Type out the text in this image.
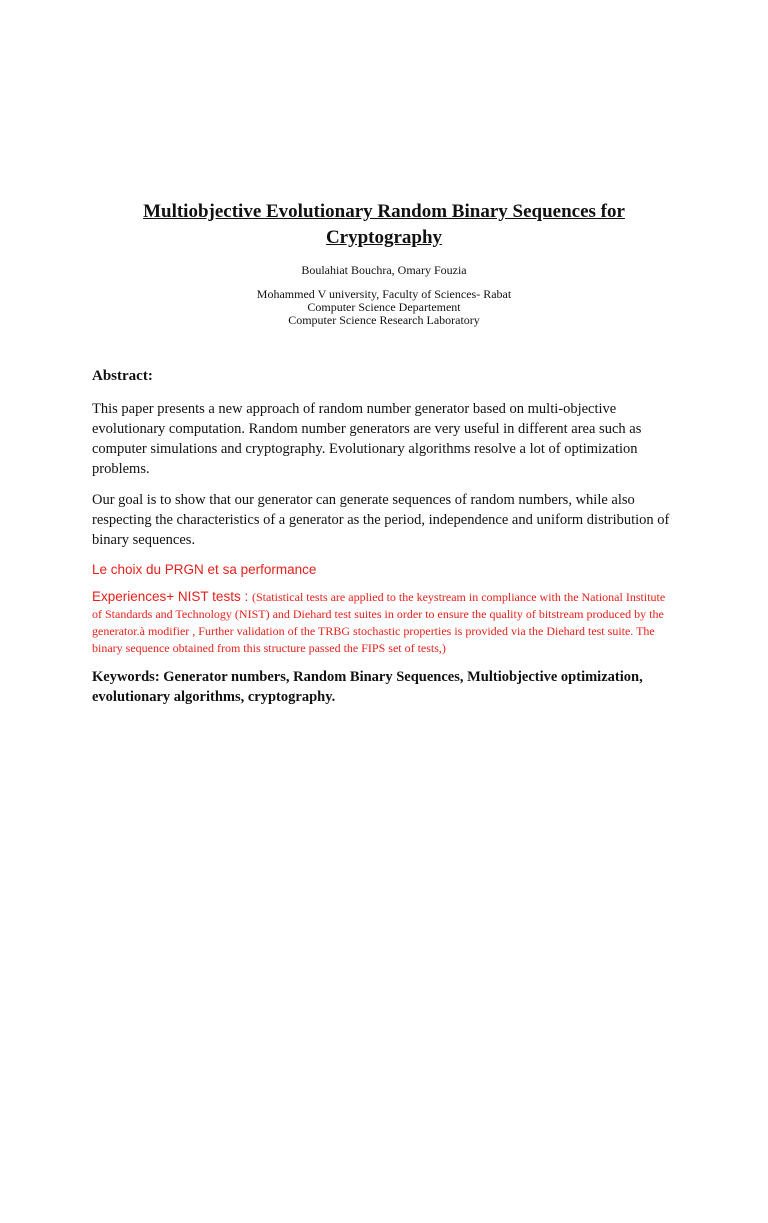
Multiobjective Evolutionary Random Binary Sequences for Cryptography
Boulahiat Bouchra, Omary Fouzia
Mohammed V university, Faculty of Sciences- Rabat
Computer Science Departement
Computer Science Research Laboratory
Abstract:

This paper presents a new approach of random number generator based on multi-objective evolutionary computation. Random number generators are very useful in different area such as computer simulations and cryptography. Evolutionary algorithms resolve a lot of optimization problems.

Our goal is to show that our generator can generate sequences of random numbers, while also respecting the characteristics of a generator as the period, independence and uniform distribution of binary sequences.

Le choix du PRGN et sa performance
Experiences+ NIST tests : (Statistical tests are applied to the keystream in compliance with the National Institute of Standards and Technology (NIST) and Diehard test suites in order to ensure the quality of bitstream produced by the generator.à modifier , Further validation of the TRBG stochastic properties is provided via the Diehard test suite. The binary sequence obtained from this structure passed the FIPS set of tests,)
Keywords: Generator numbers, Random Binary Sequences, Multiobjective optimization, evolutionary algorithms, cryptography.
